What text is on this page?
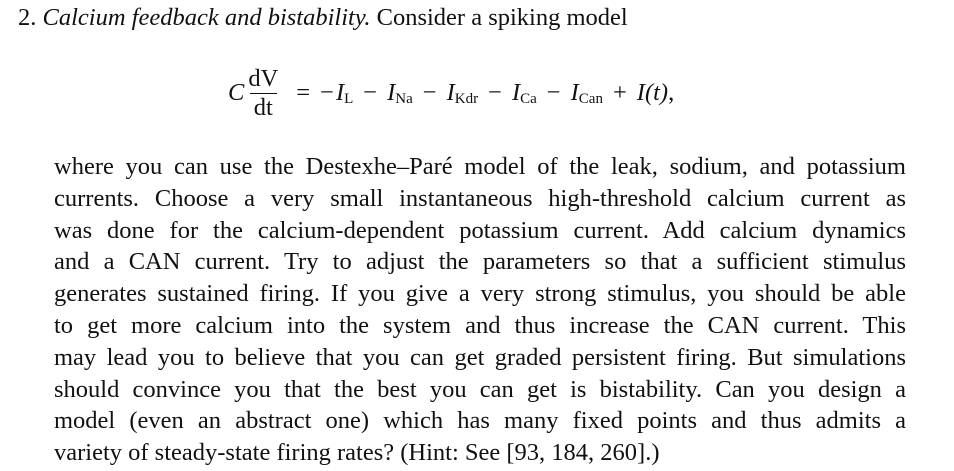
2. Calcium feedback and bistability. Consider a spiking model
C $\frac{dV}{dt}$ = − I L − I Na − I Kdr − I Ca − I Can + I(t) ,
where you can use the Destexhe–Paré model of the leak, sodium, and potassium
currents. Choose a very small instantaneous high-threshold calcium current as
was done for the calcium-dependent potassium current. Add calcium dynamics
and a CAN current. Try to adjust the parameters so that a sufficient stimulus
generates sustained firing. If you give a very strong stimulus, you should be able
to get more calcium into the system and thus increase the CAN current. This
may lead you to believe that you can get graded persistent firing. But simulations
should convince you that the best you can get is bistability. Can you design a
model (even an abstract one) which has many fixed points and thus admits a
variety of steady-state firing rates? (Hint: See [93, 184, 260].)
